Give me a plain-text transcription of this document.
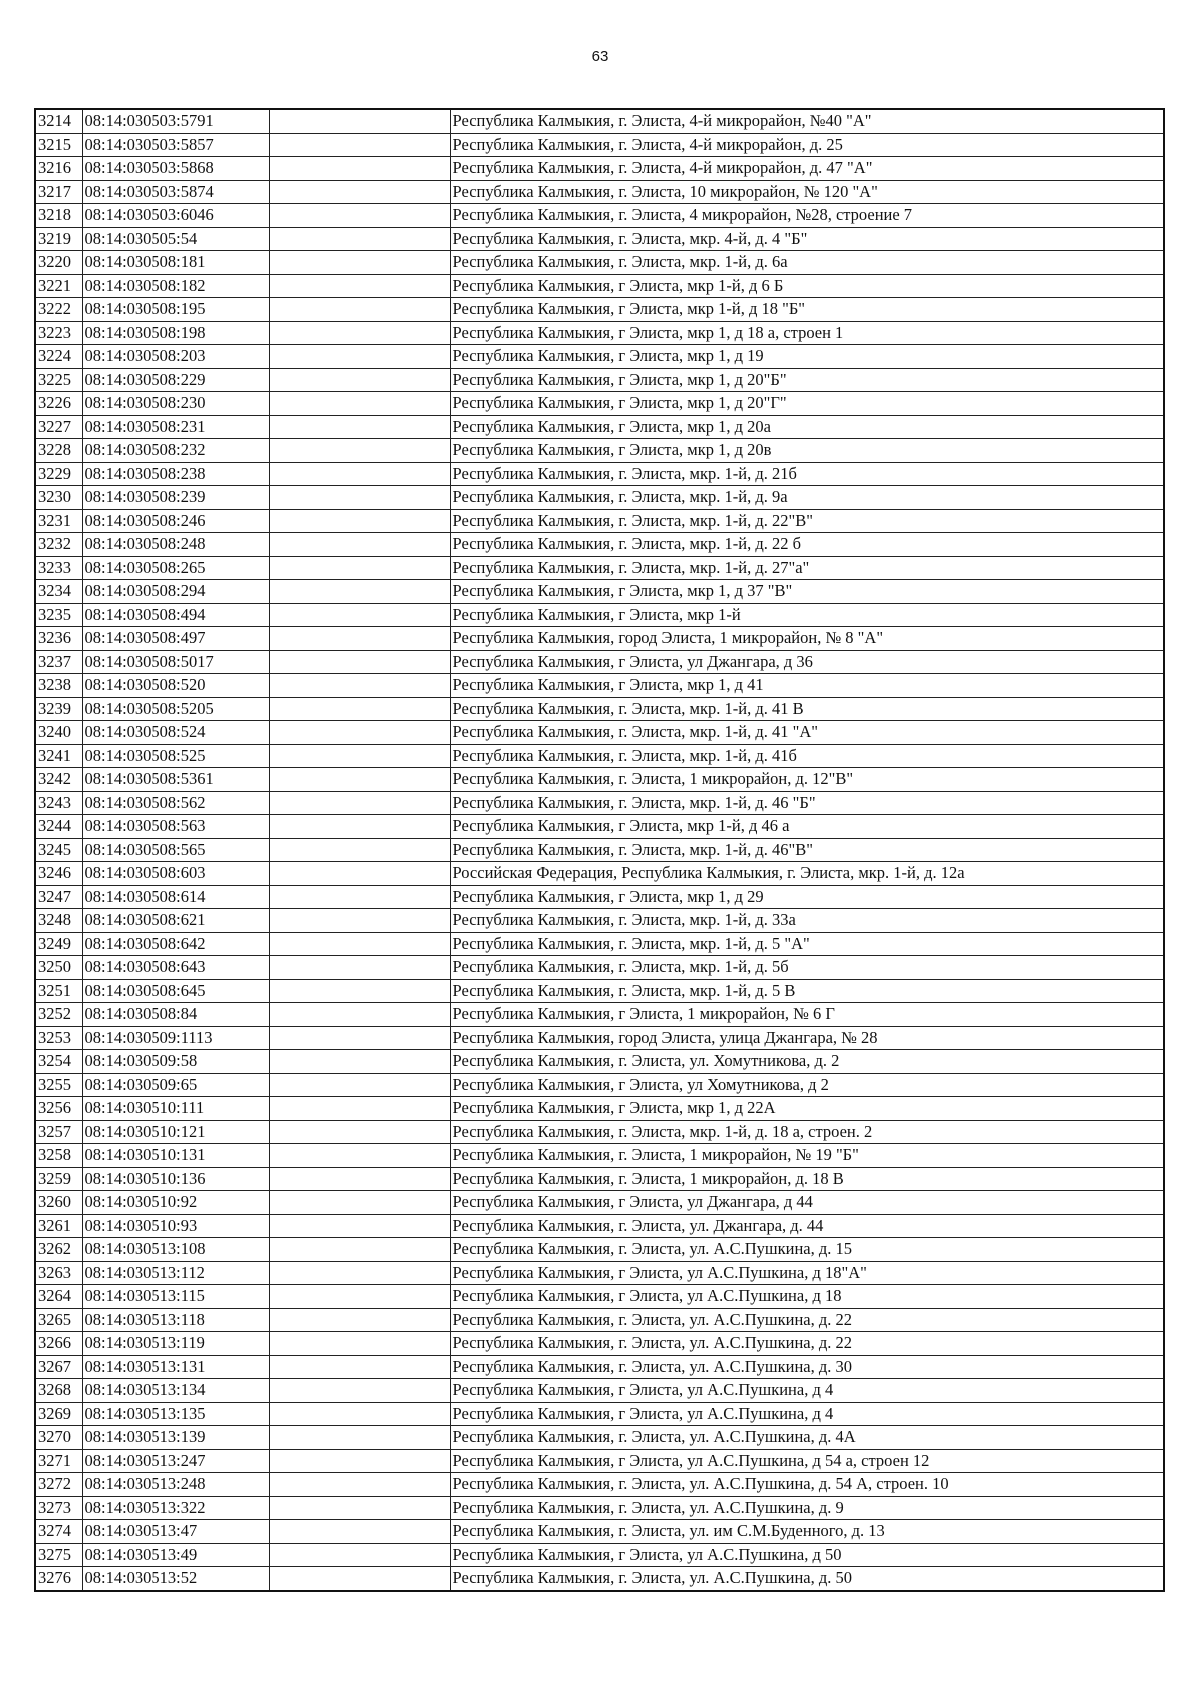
63
3214	08:14:030503:5791		Республика Калмыкия, г. Элиста, 4-й микрорайон, №40 "А"
3215	08:14:030503:5857		Республика Калмыкия, г. Элиста, 4-й микрорайон, д. 25
3216	08:14:030503:5868		Республика Калмыкия, г. Элиста, 4-й микрорайон, д. 47 "А"
3217	08:14:030503:5874		Республика Калмыкия, г. Элиста, 10 микрорайон, № 120 "А"
3218	08:14:030503:6046		Республика Калмыкия, г. Элиста, 4 микрорайон, №28, строение 7
3219	08:14:030505:54		Республика Калмыкия, г. Элиста, мкр. 4-й, д. 4 "Б"
3220	08:14:030508:181		Республика Калмыкия, г. Элиста, мкр. 1-й, д. 6а
3221	08:14:030508:182		Республика Калмыкия, г Элиста, мкр 1-й, д 6 Б
3222	08:14:030508:195		Республика Калмыкия, г Элиста, мкр 1-й, д 18 "Б"
3223	08:14:030508:198		Республика Калмыкия, г Элиста, мкр 1, д 18 а, строен 1
3224	08:14:030508:203		Республика Калмыкия, г Элиста, мкр 1, д 19
3225	08:14:030508:229		Республика Калмыкия, г Элиста, мкр 1, д 20"Б"
3226	08:14:030508:230		Республика Калмыкия, г Элиста, мкр 1, д 20"Г"
3227	08:14:030508:231		Республика Калмыкия, г Элиста, мкр 1, д 20а
3228	08:14:030508:232		Республика Калмыкия, г Элиста, мкр 1, д 20в
3229	08:14:030508:238		Республика Калмыкия, г. Элиста, мкр. 1-й, д. 21б
3230	08:14:030508:239		Республика Калмыкия, г. Элиста, мкр. 1-й, д. 9а
3231	08:14:030508:246		Республика Калмыкия, г. Элиста, мкр. 1-й, д. 22"В"
3232	08:14:030508:248		Республика Калмыкия, г. Элиста, мкр. 1-й, д. 22 б
3233	08:14:030508:265		Республика Калмыкия, г. Элиста, мкр. 1-й, д. 27"а"
3234	08:14:030508:294		Республика Калмыкия, г Элиста, мкр 1, д 37 "В"
3235	08:14:030508:494		Республика Калмыкия, г Элиста, мкр 1-й
3236	08:14:030508:497		Республика Калмыкия, город Элиста, 1 микрорайон, № 8 "А"
3237	08:14:030508:5017		Республика Калмыкия, г Элиста, ул Джангара, д 36
3238	08:14:030508:520		Республика Калмыкия, г Элиста, мкр 1, д 41
3239	08:14:030508:5205		Республика Калмыкия, г. Элиста, мкр. 1-й, д. 41 В
3240	08:14:030508:524		Республика Калмыкия, г. Элиста, мкр. 1-й, д. 41 "А"
3241	08:14:030508:525		Республика Калмыкия, г. Элиста, мкр. 1-й, д. 41б
3242	08:14:030508:5361		Республика Калмыкия, г. Элиста, 1 микрорайон, д. 12"В"
3243	08:14:030508:562		Республика Калмыкия, г. Элиста, мкр. 1-й, д. 46 "Б"
3244	08:14:030508:563		Республика Калмыкия, г Элиста, мкр 1-й, д 46 а
3245	08:14:030508:565		Республика Калмыкия, г. Элиста, мкр. 1-й, д. 46"В"
3246	08:14:030508:603		Российская Федерация, Республика Калмыкия, г. Элиста, мкр. 1-й, д. 12а
3247	08:14:030508:614		Республика Калмыкия, г Элиста, мкр 1, д 29
3248	08:14:030508:621		Республика Калмыкия, г. Элиста, мкр. 1-й, д. 33а
3249	08:14:030508:642		Республика Калмыкия, г. Элиста, мкр. 1-й, д. 5 "А"
3250	08:14:030508:643		Республика Калмыкия, г. Элиста, мкр. 1-й, д. 5б
3251	08:14:030508:645		Республика Калмыкия, г. Элиста, мкр. 1-й, д. 5 В
3252	08:14:030508:84		Республика Калмыкия, г Элиста, 1 микрорайон, № 6 Г
3253	08:14:030509:1113		Республика Калмыкия, город Элиста, улица Джангара, № 28
3254	08:14:030509:58		Республика Калмыкия, г. Элиста, ул. Хомутникова, д. 2
3255	08:14:030509:65		Республика Калмыкия, г Элиста, ул Хомутникова, д 2
3256	08:14:030510:111		Республика Калмыкия, г Элиста, мкр 1, д 22А
3257	08:14:030510:121		Республика Калмыкия, г. Элиста, мкр. 1-й, д. 18 а, строен. 2
3258	08:14:030510:131		Республика Калмыкия, г. Элиста, 1 микрорайон, № 19 "Б"
3259	08:14:030510:136		Республика Калмыкия, г. Элиста, 1 микрорайон, д. 18 В
3260	08:14:030510:92		Республика Калмыкия, г Элиста, ул Джангара, д 44
3261	08:14:030510:93		Республика Калмыкия, г. Элиста, ул. Джангара, д. 44
3262	08:14:030513:108		Республика Калмыкия, г. Элиста, ул. А.С.Пушкина, д. 15
3263	08:14:030513:112		Республика Калмыкия, г Элиста, ул А.С.Пушкина, д 18"А"
3264	08:14:030513:115		Республика Калмыкия, г Элиста, ул А.С.Пушкина, д 18
3265	08:14:030513:118		Республика Калмыкия, г. Элиста, ул. А.С.Пушкина, д. 22
3266	08:14:030513:119		Республика Калмыкия, г. Элиста, ул. А.С.Пушкина, д. 22
3267	08:14:030513:131		Республика Калмыкия, г. Элиста, ул. А.С.Пушкина, д. 30
3268	08:14:030513:134		Республика Калмыкия, г Элиста, ул А.С.Пушкина, д 4
3269	08:14:030513:135		Республика Калмыкия, г Элиста, ул А.С.Пушкина, д 4
3270	08:14:030513:139		Республика Калмыкия, г. Элиста, ул. А.С.Пушкина, д. 4А
3271	08:14:030513:247		Республика Калмыкия, г Элиста, ул А.С.Пушкина, д 54 а, строен 12
3272	08:14:030513:248		Республика Калмыкия, г. Элиста, ул. А.С.Пушкина, д. 54 А, строен. 10
3273	08:14:030513:322		Республика Калмыкия, г. Элиста, ул. А.С.Пушкина, д. 9
3274	08:14:030513:47		Республика Калмыкия, г. Элиста, ул. им С.М.Буденного, д. 13
3275	08:14:030513:49		Республика Калмыкия, г Элиста, ул А.С.Пушкина, д 50
3276	08:14:030513:52		Республика Калмыкия, г. Элиста, ул. А.С.Пушкина, д. 50
